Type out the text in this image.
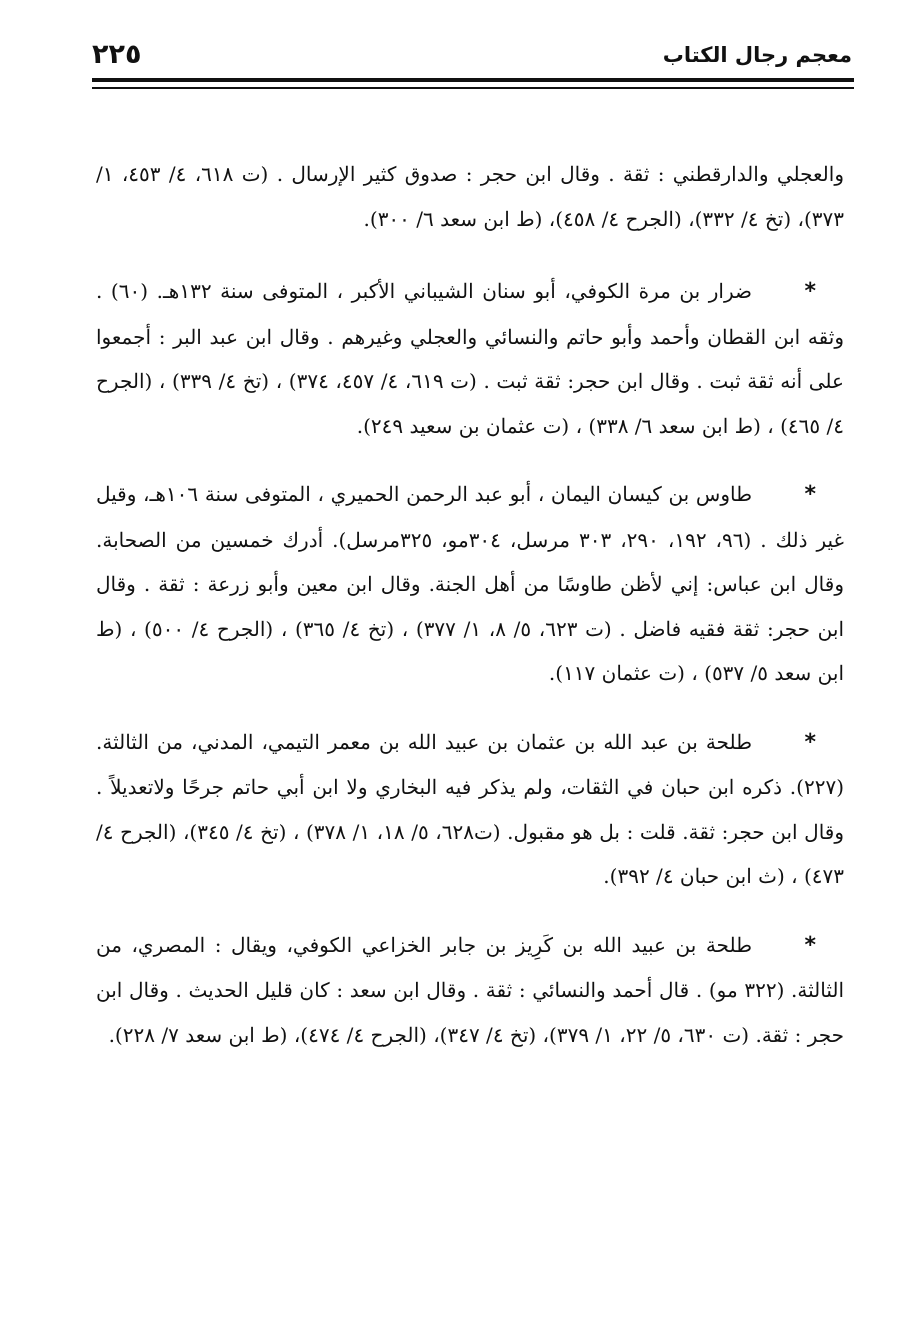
٢٢٥	معجم رجال الكتاب

والعجلي والدارقطني : ثقة . وقال ابن حجر : صدوق كثير الإرسال . (ت ٦١٨، ٤/ ٤٥٣، ١/ ٣٧٣)، (تخ ٤/ ٣٣٢)، (الجرح ٤/ ٤٥٨)، (ط ابن سعد ٦/ ٣٠٠).

*ضرار بن مرة الكوفي، أبو سنان الشيباني الأكبر ، المتوفى سنة ١٣٢هـ. (٦٠) . وثقه ابن القطان وأحمد وأبو حاتم والنسائي والعجلي وغيرهم . وقال ابن عبد البر : أجمعوا على أنه ثقة ثبت . وقال ابن حجر: ثقة ثبت . (ت ٦١٩، ٤/ ٤٥٧، ٣٧٤) ، (تخ ٤/ ٣٣٩) ، (الجرح ٤/ ٤٦٥) ، (ط ابن سعد ٦/ ٣٣٨) ، (ت عثمان بن سعيد ٢٤٩).

*طاوس بن كيسان اليمان ، أبو عبد الرحمن الحميري ، المتوفى سنة ١٠٦هـ، وقيل غير ذلك . (٩٦، ١٩٢، ٢٩٠، ٣٠٣ مرسل، ٣٠٤مو، ٣٢٥مرسل). أدرك خمسين من الصحابة. وقال ابن عباس: إني لأظن طاوسًا من أهل الجنة. وقال ابن معين وأبو زرعة : ثقة . وقال ابن حجر: ثقة فقيه فاضل . (ت ٦٢٣، ٥/ ٨، ١/ ٣٧٧) ، (تخ ٤/ ٣٦٥) ، (الجرح ٤/ ٥٠٠) ، (ط ابن سعد ٥/ ٥٣٧) ، (ت عثمان ١١٧).

*طلحة بن عبد الله بن عثمان بن عبيد الله بن معمر التيمي، المدني، من الثالثة. (٢٢٧). ذكره ابن حبان في الثقات، ولم يذكر فيه البخاري ولا ابن أبي حاتم جرحًا ولاتعديلاً . وقال ابن حجر: ثقة. قلت : بل هو مقبول. (ت٦٢٨، ٥/ ١٨، ١/ ٣٧٨) ، (تخ ٤/ ٣٤٥)، (الجرح ٤/ ٤٧٣) ، (ث ابن حبان ٤/ ٣٩٢).

*طلحة بن عبيد الله بن كَرِيز بن جابر الخزاعي الكوفي، ويقال : المصري، من الثالثة. (٣٢٢ مو) . قال أحمد والنسائي : ثقة . وقال ابن سعد : كان قليل الحديث . وقال ابن حجر : ثقة. (ت ٦٣٠، ٥/ ٢٢، ١/ ٣٧٩)، (تخ ٤/ ٣٤٧)، (الجرح ٤/ ٤٧٤)، (ط ابن سعد ٧/ ٢٢٨).
